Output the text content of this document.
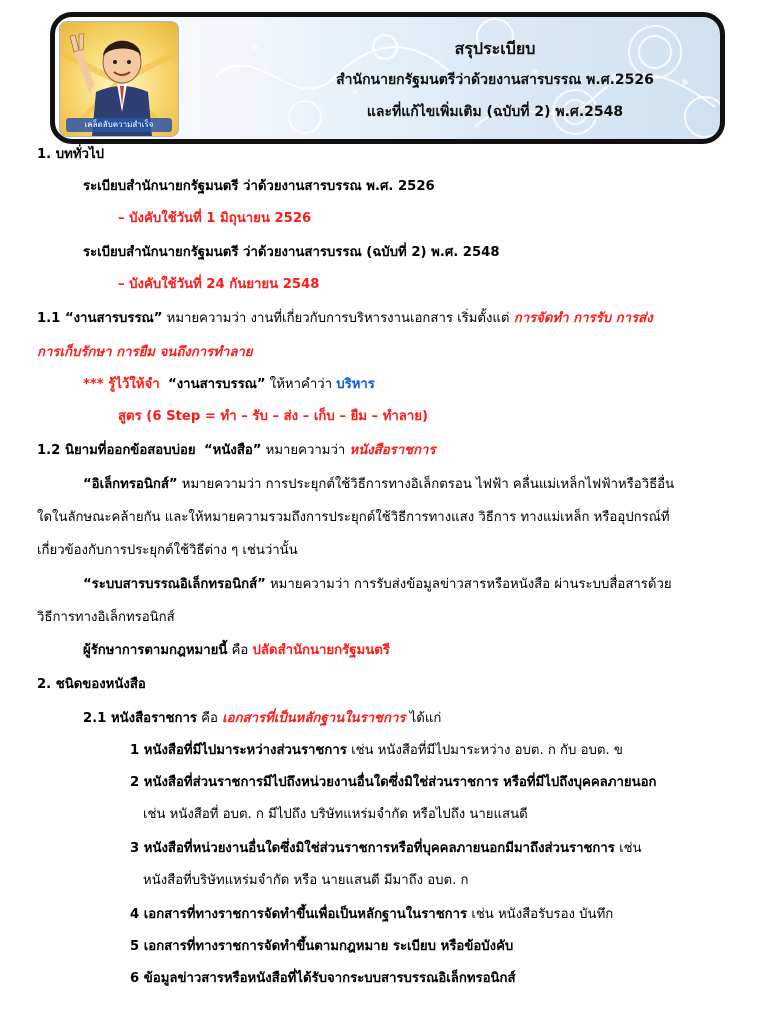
เคล็ดลับความสำเร็จ
สรุประเบียบ
สำนักนายกรัฐมนตรีว่าด้วยงานสารบรรณ พ.ศ.2526
และที่แก้ไขเพิ่มเติม (ฉบับที่ 2) พ.ศ.2548
1. บททั่วไป
ระเบียบสำนักนายกรัฐมนตรี ว่าด้วยงานสารบรรณ พ.ศ. 2526
– บังคับใช้วันที่ 1 มิถุนายน 2526
ระเบียบสำนักนายกรัฐมนตรี ว่าด้วยงานสารบรรณ (ฉบับที่ 2) พ.ศ. 2548
– บังคับใช้วันที่ 24 กันยายน 2548
1.1 “งานสารบรรณ” หมายความว่า งานที่เกี่ยวกับการบริหารงานเอกสาร เริ่มตั้งแต่ การจัดทำ การรับ การส่ง
การเก็บรักษา การยืม จนถึงการทำลาย
*** รู้ไว้ให้จำ “งานสารบรรณ” ให้หาคำว่า บริหาร
สูตร (6 Step = ทำ – รับ – ส่ง – เก็บ – ยืม – ทำลาย)
1.2 นิยามที่ออกข้อสอบบ่อย “หนังสือ” หมายความว่า หนังสือราชการ
“อิเล็กทรอนิกส์” หมายความว่า การประยุกต์ใช้วิธีการทางอิเล็กตรอน ไฟฟ้า คลื่นแม่เหล็กไฟฟ้าหรือวิธีอื่น
ใดในลักษณะคล้ายกัน และให้หมายความรวมถึงการประยุกต์ใช้วิธีการทางแสง วิธีการ ทางแม่เหล็ก หรืออุปกรณ์ที่
เกี่ยวข้องกับการประยุกต์ใช้วิธีต่าง ๆ เช่นว่านั้น
“ระบบสารบรรณอิเล็กทรอนิกส์” หมายความว่า การรับส่งข้อมูลข่าวสารหรือหนังสือ ผ่านระบบสื่อสารด้วย
วิธีการทางอิเล็กทรอนิกส์
ผู้รักษาการตามกฎหมายนี้ คือ ปลัดสำนักนายกรัฐมนตรี
2. ชนิดของหนังสือ
2.1 หนังสือราชการ คือ เอกสารที่เป็นหลักฐานในราชการ ได้แก่
1 หนังสือที่มีไปมาระหว่างส่วนราชการ เช่น หนังสือที่มีไปมาระหว่าง อบต. ก กับ อบต. ข
2 หนังสือที่ส่วนราชการมีไปถึงหน่วยงานอื่นใดซึ่งมิใช่ส่วนราชการ หรือที่มีไปถึงบุคคลภายนอก
เช่น หนังสือที่ อบต. ก มีไปถึง บริษัทแหร่มจำกัด หรือไปถึง นายแสนดี
3 หนังสือที่หน่วยงานอื่นใดซึ่งมิใช่ส่วนราชการหรือที่บุคคลภายนอกมีมาถึงส่วนราชการ เช่น
หนังสือที่บริษัทแหร่มจำกัด หรือ นายแสนดี มีมาถึง อบต. ก
4 เอกสารที่ทางราชการจัดทำขึ้นเพื่อเป็นหลักฐานในราชการ เช่น หนังสือรับรอง บันทึก
5 เอกสารที่ทางราชการจัดทำขึ้นตามกฎหมาย ระเบียบ หรือข้อบังคับ
6 ข้อมูลข่าวสารหรือหนังสือที่ได้รับจากระบบสารบรรณอิเล็กทรอนิกส์
